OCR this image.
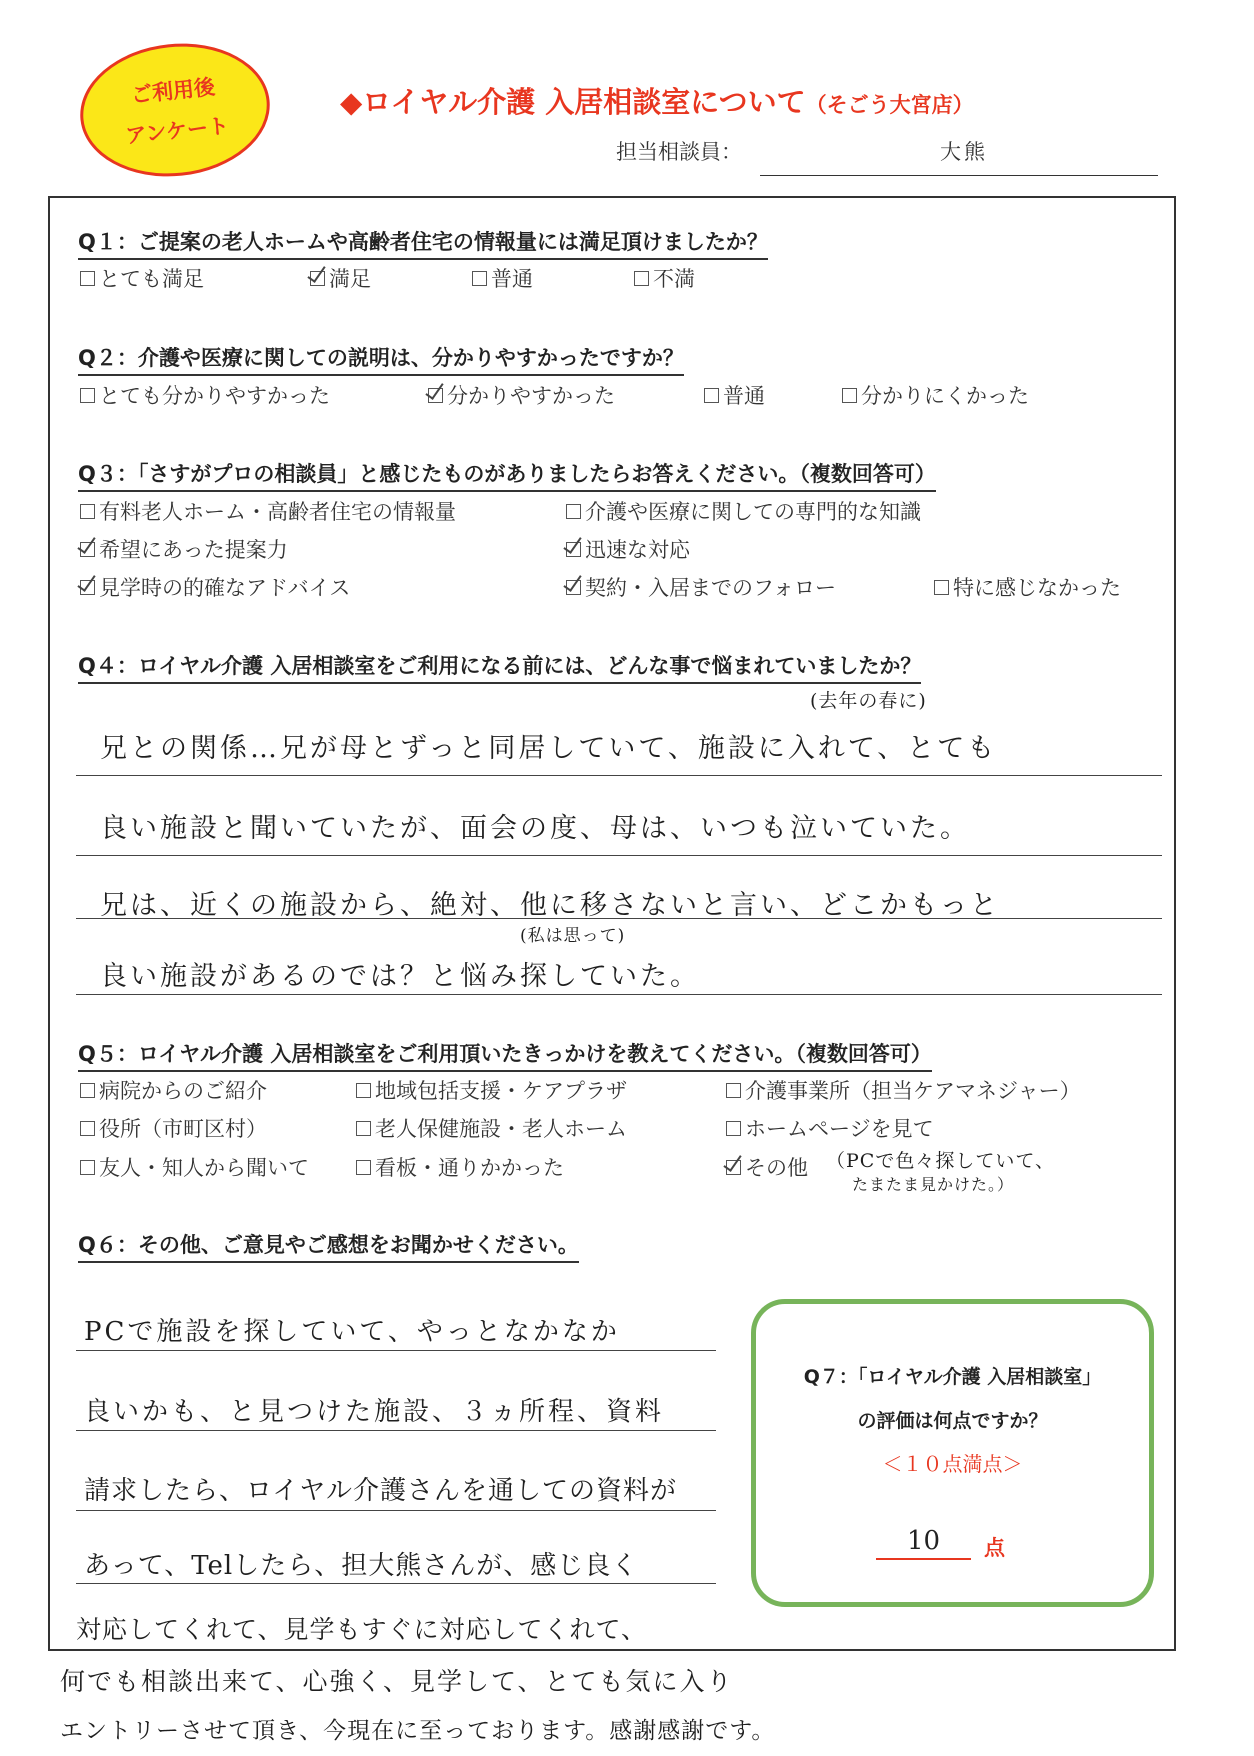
ご利用後
アンケート
◆ロイヤル介護 入居相談室について（そごう大宮店）
担当相談員：	大熊
Q１：ご提案の老人ホームや高齢者住宅の情報量には満足頂けましたか？
とても満足	満足	普通	不満
Q２：介護や医療に関しての説明は、分かりやすかったですか？
とても分かりやすかった	分かりやすかった	普通	分かりにくかった
Q３：「さすがプロの相談員」と感じたものがありましたらお答えください。（複数回答可）
有料老人ホーム・高齢者住宅の情報量	介護や医療に関しての専門的な知識
希望にあった提案力	迅速な対応
見学時の的確なアドバイス	契約・入居までのフォロー	特に感じなかった
Q４：ロイヤル介護 入居相談室をご利用になる前には、どんな事で悩まれていましたか？
(去年の春に)
兄との関係…兄が母とずっと同居していて、施設に入れて、とても
良い施設と聞いていたが、面会の度、母は、いつも泣いていた。
兄は、近くの施設から、絶対、他に移さないと言い、どこかもっと
(私は思って)
良い施設があるのでは？と悩み探していた。
Q５：ロイヤル介護 入居相談室をご利用頂いたきっかけを教えてください。（複数回答可）
病院からのご紹介	地域包括支援・ケアプラザ	介護事業所（担当ケアマネジャー）
役所（市町区村）	老人保健施設・老人ホーム	ホームページを見て
友人・知人から聞いて	看板・通りかかった	その他 （PCで色々探していて、
たまたま見かけた。）
Q６：その他、ご意見やご感想をお聞かせください。
PCで施設を探していて、やっとなかなか
良いかも、と見つけた施設、３ヵ所程、資料
請求したら、ロイヤル介護さんを通しての資料が
あって、Telしたら、担大熊さんが、感じ良く
対応してくれて、見学もすぐに対応してくれて、
何でも相談出来て、心強く、見学して、とても気に入り
エントリーさせて頂き、今現在に至っております。感謝感謝です。
Q７：「ロイヤル介護 入居相談室」
の評価は何点ですか？
＜１０点満点＞
10	点
